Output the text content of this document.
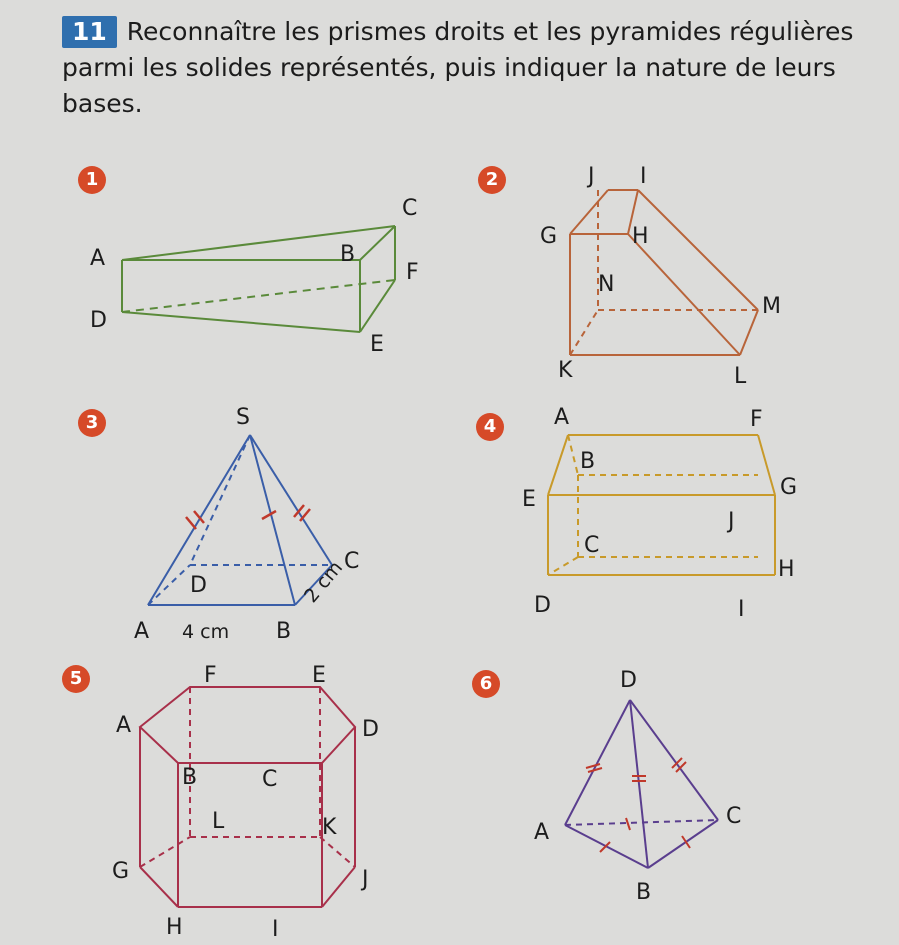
11 Reconnaître les prismes droits et les pyramides régulières parmi les solides représentés, puis indiquer la nature de leurs bases.
1
A	B
C
D
E
F
2	J I
G	H
N
M
K	L
3	S
D
C
A	B
4 cm
2 cm
4	A	F
B
E	G
J
C
H
D	I
5	F	E
A	D
B	C
L	K
G	J
H	I
6	D
A
C
B
